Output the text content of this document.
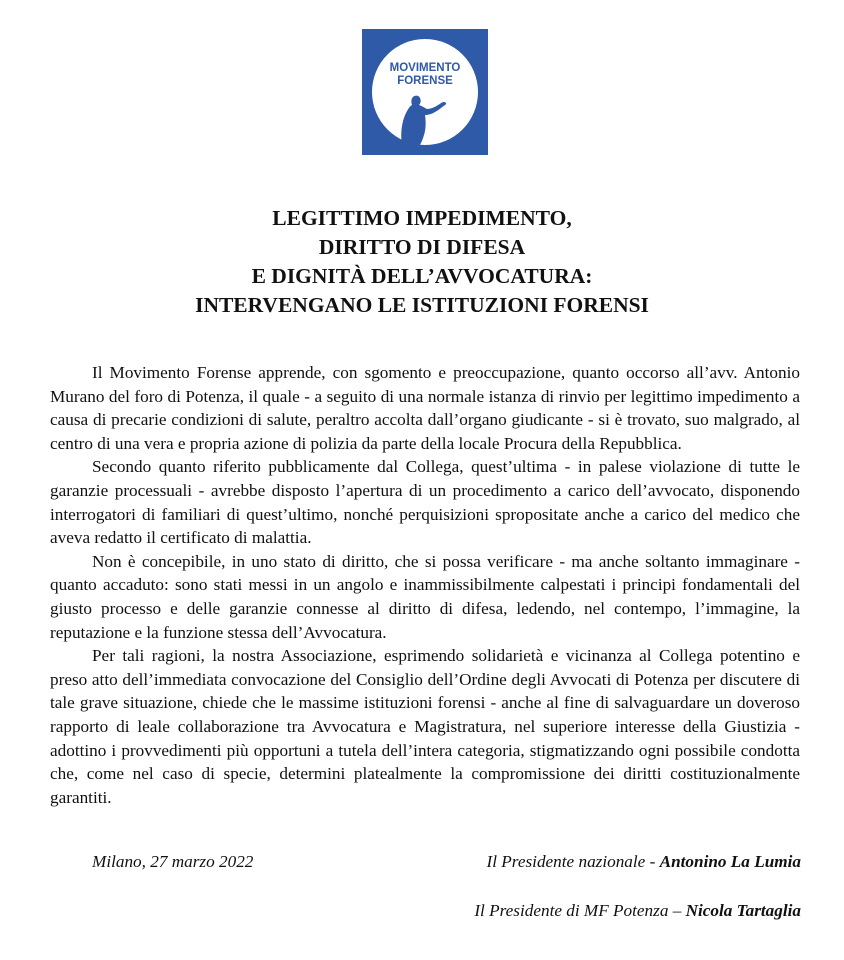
MOVIMENTO
FORENSE
LEGITTIMO IMPEDIMENTO,
DIRITTO DI DIFESA
E DIGNITÀ DELL’AVVOCATURA:
INTERVENGANO LE ISTITUZIONI FORENSI

Il Movimento Forense apprende, con sgomento e preoccupazione, quanto occorso all’avv. Antonio Murano del foro di Potenza, il quale - a seguito di una normale istanza di rinvio per legittimo impedimento a causa di precarie condizioni di salute, peraltro accolta dall’organo giudicante - si è trovato, suo malgrado, al centro di una vera e propria azione di polizia da parte della locale Procura della Repubblica.

Secondo quanto riferito pubblicamente dal Collega, quest’ultima - in palese violazione di tutte le garanzie processuali - avrebbe disposto l’apertura di un procedimento a carico dell’avvocato, disponendo interrogatori di familiari di quest’ultimo, nonché perquisizioni spropositate anche a carico del medico che aveva redatto il certificato di malattia.

Non è concepibile, in uno stato di diritto, che si possa verificare - ma anche soltanto immaginare - quanto accaduto: sono stati messi in un angolo e inammissibilmente calpestati i principi fondamentali del giusto processo e delle garanzie connesse al diritto di difesa, ledendo, nel contempo, l’immagine, la reputazione e la funzione stessa dell’Avvocatura.

Per tali ragioni, la nostra Associazione, esprimendo solidarietà e vicinanza al Collega potentino e preso atto dell’immediata convocazione del Consiglio dell’Ordine degli Avvocati di Potenza per discutere di tale grave situazione, chiede che le massime istituzioni forensi - anche al fine di salvaguardare un doveroso rapporto di leale collaborazione tra Avvocatura e Magistratura, nel superiore interesse della Giustizia - adottino i provvedimenti più opportuni a tutela dell’intera categoria, stigmatizzando ogni possibile condotta che, come nel caso di specie, determini platealmente la compromissione dei diritti costituzionalmente garantiti.

Milano, 27 marzo 2022	Il Presidente nazionale - Antonino La Lumia
Il Presidente di MF Potenza – Nicola Tartaglia
